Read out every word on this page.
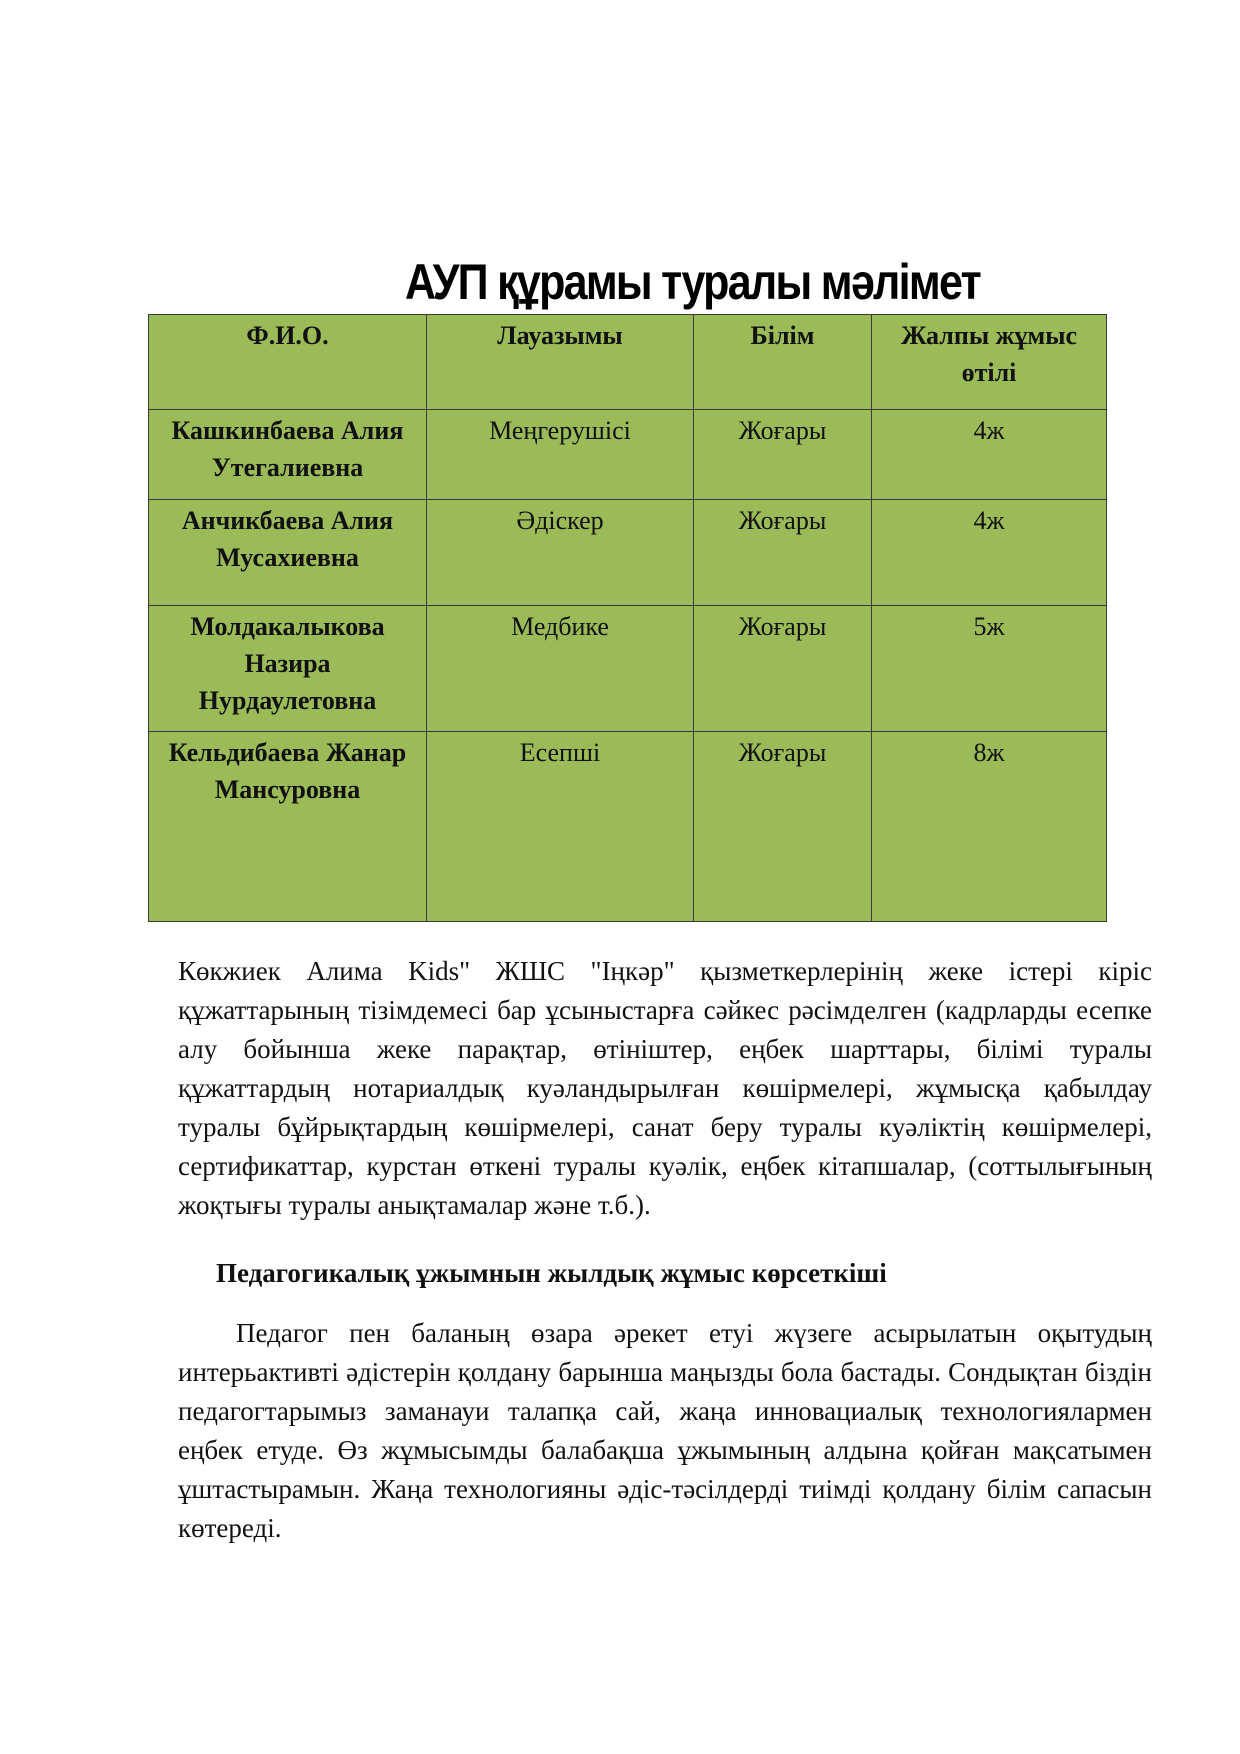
АУП құрамы туралы мәлімет
Ф.И.О.	Лауазымы	Білім	Жалпы жұмыс өтілі
Кашкинбаева Алия Утегалиевна	Меңгерушісі	Жоғары	4ж
Анчикбаева Алия Мусахиевна	Әдіскер	Жоғары	4ж
Молдакалыкова Назира Нурдаулетовна	Медбике	Жоғары	5ж
Кельдибаева Жанар Мансуровна	Есепші	Жоғары	8ж

Көкжиек Алима Kids" ЖШС "Іңкәр" қызметкерлерінің жеке істері кіріс құжаттарының тізімдемесі бар ұсыныстарға сәйкес рәсімделген (кадрларды есепке алу бойынша жеке парақтар, өтініштер, еңбек шарттары, білімі туралы құжаттардың нотариалдық куәландырылған көшірмелері, жұмысқа қабылдау туралы бұйрықтардың көшірмелері, санат беру туралы куәліктің көшірмелері, сертификаттар, курстан өткені туралы куәлік, еңбек кітапшалар, (соттылығының жоқтығы туралы анықтамалар және т.б.).

Педагогикалық ұжымнын жылдық жұмыс көрсеткіші

Педагог пен баланың өзара әрекет етуі жүзеге асырылатын оқытудың интерьактивті әдістерін қолдану барынша маңызды бола бастады. Сондықтан біздін педагогтарымыз заманауи талапқа сай, жаңа инновациалық технологиялармен еңбек етуде. Өз жұмысымды балабақша ұжымының алдына қойған мақсатымен ұштастырамын. Жаңа технологияны әдіс-тәсілдерді тиімді қолдану білім сапасын көтереді.
